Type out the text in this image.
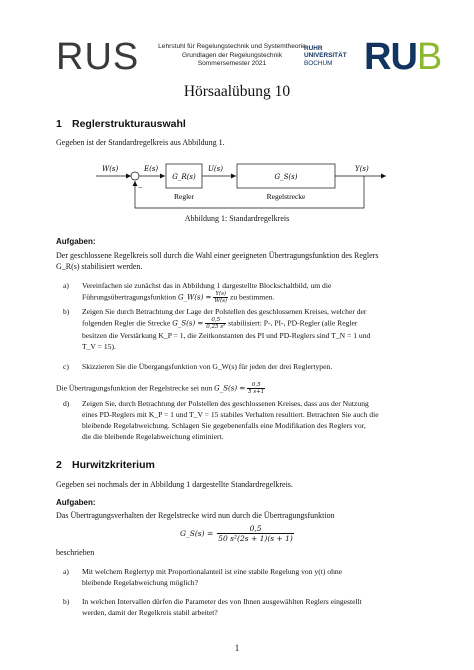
RUS	Lehrstuhl für Regelungstechnik und Systemtheorie
Grundlagen der Regelungstechnik
Sommersemester 2021
RUHR
UNIVERSITÄT
BOCHUM RUB
Hörsaalübung 10
1 Reglerstrukturauswahl
Gegeben ist der Standardregelkreis aus Abbildung 1.
W(s)	E(s)	U(s)	Y(s)
G_R(s)	G_S(s)
Regler	Regelstrecke
−
Abbildung 1: Standardregelkreis
Aufgaben:
Der geschlossene Regelkreis soll durch die Wahl einer geeigneten Übertragungsfunktion des Reglers
G_R(s) stabilisiert werden.
a) Vereinfachen sie zunächst das in Abbildung 1 dargestellte Blockschaltbild, um die
Führungsübertragungsfunktion G_W(s) = $\frac{Y(s)}{W(s)}$ zu bestimmen.
b) Zeigen Sie durch Betrachtung der Lage der Polstellen des geschlossenen Kreises, welcher der
folgenden Regler die Strecke G_S(s) = $\frac{0,5}{\text{0,25 s²}}$ stabilisiert: P-, PI-, PD-Regler (alle Regler
besitzen die Verstärkung K_P = 1, die Zeitkonstanten des PI und PD-Reglers sind T_N = 1 und
T_V = 15).
c) Skizzieren Sie die Übergangsfunktion von G_W(s) für jeden der drei Reglertypen.
Die Übertragungsfunktion der Regelstrecke sei nun G_S(s) = $\frac{0,5}{5 s+1}$
d) Zeigen Sie, durch Betrachtung der Polstellen des geschlossenen Kreises, dass aus der Nutzung
eines PD-Reglers mit K_P = 1 und T_V = 15 stabiles Verhalten resultiert. Betrachten Sie auch die
bleibende Regelabweichung. Schlagen Sie gegebenenfalls eine Modifikation des Reglers vor,
die die bleibende Regelabweichung eliminiert.
2 Hurwitzkriterium
Gegeben sei nochmals der in Abbildung 1 dargestellte Standardregelkreis.
Aufgaben:
Das Übertragungsverhalten der Regelstrecke wird nun durch die Übertragungsfunktion
G_S(s) = $\frac{0,5}{\text{50 s²(2s + 1)(s + 1)}}$
beschrieben
a) Mit welchem Reglertyp mit Proportionalanteil ist eine stabile Regelung von y(t) ohne
bleibende Regelabweichung möglich?
b) In welchen Intervallen dürfen die Parameter des von Ihnen ausgewählten Reglers eingestellt
werden, damit der Regelkreis stabil arbeitet?
1
